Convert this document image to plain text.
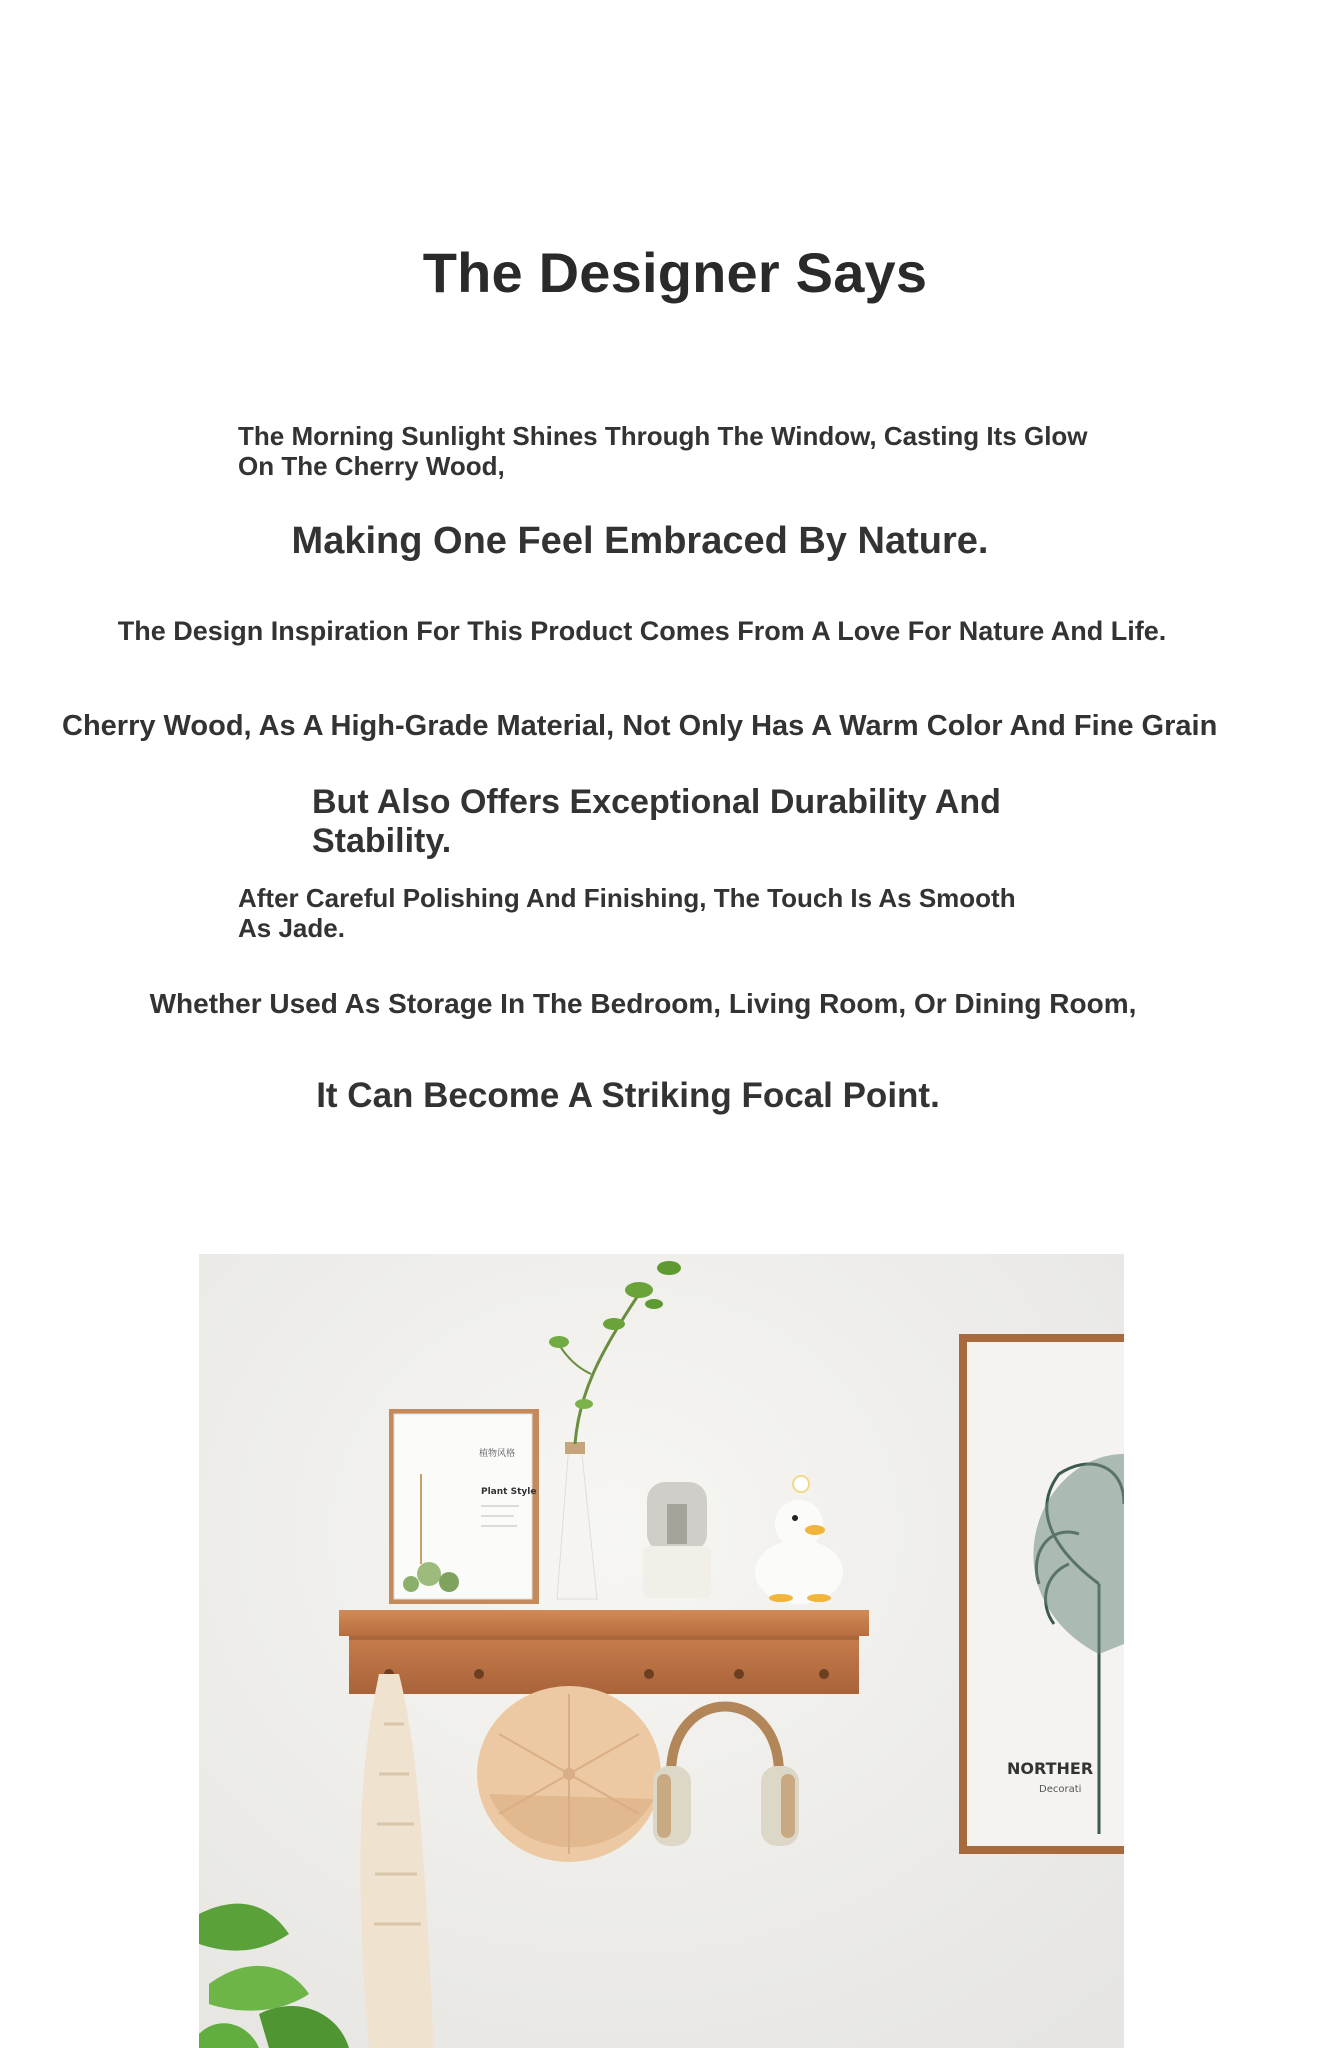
The Designer Says
The Morning Sunlight Shines Through The Window, Casting Its Glow On The Cherry Wood,
Making One Feel Embraced By Nature.
The Design Inspiration For This Product Comes From A Love For Nature And Life.
Cherry Wood, As A High-Grade Material, Not Only Has A Warm Color And Fine Grain
But Also Offers Exceptional Durability And Stability.
After Careful Polishing And Finishing, The Touch Is As Smooth As Jade.
Whether Used As Storage In The Bedroom, Living Room, Or Dining Room,
It Can Become A Striking Focal Point.
NORTHER
Decorati
植物风格
Plant Style
